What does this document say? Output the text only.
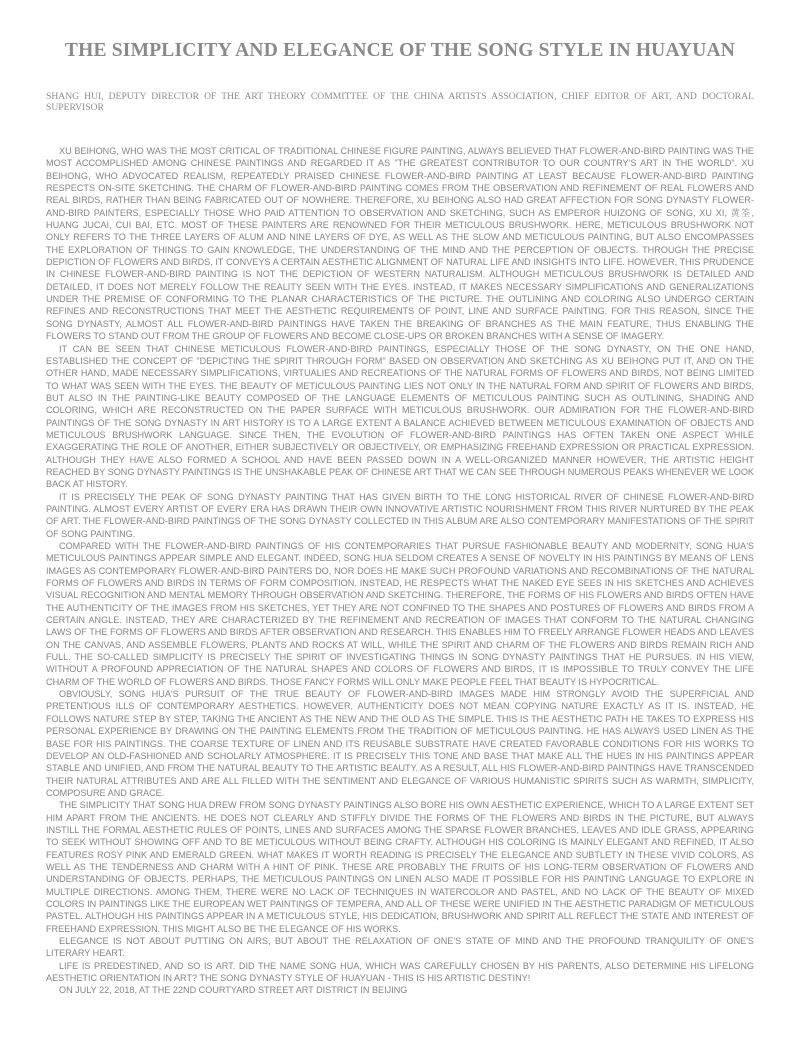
THE SIMPLICITY AND ELEGANCE OF THE SONG STYLE IN HUAYUAN
SHANG HUI, DEPUTY DIRECTOR OF THE ART THEORY COMMITTEE OF THE CHINA ARTISTS ASSOCIATION, CHIEF EDITOR OF ART, AND DOCTORAL SUPERVISOR

XU BEIHONG, WHO WAS THE MOST CRITICAL OF TRADITIONAL CHINESE FIGURE PAINTING, ALWAYS BELIEVED THAT FLOWER-AND-BIRD PAINTING WAS THE MOST ACCOMPLISHED AMONG CHINESE PAINTINGS AND REGARDED IT AS "THE GREATEST CONTRIBUTOR TO OUR COUNTRY'S ART IN THE WORLD". XU BEIHONG, WHO ADVOCATED REALISM, REPEATEDLY PRAISED CHINESE FLOWER-AND-BIRD PAINTING AT LEAST BECAUSE FLOWER-AND-BIRD PAINTING RESPECTS ON-SITE SKETCHING. THE CHARM OF FLOWER-AND-BIRD PAINTING COMES FROM THE OBSERVATION AND REFINEMENT OF REAL FLOWERS AND REAL BIRDS, RATHER THAN BEING FABRICATED OUT OF NOWHERE. THEREFORE, XU BEIHONG ALSO HAD GREAT AFFECTION FOR SONG DYNASTY FLOWER-AND-BIRD PAINTERS, ESPECIALLY THOSE WHO PAID ATTENTION TO OBSERVATION AND SKETCHING, SUCH AS EMPEROR HUIZONG OF SONG, XU XI, 黄筌, HUANG JUCAI, CUI BAI, ETC. MOST OF THESE PAINTERS ARE RENOWNED FOR THEIR METICULOUS BRUSHWORK. HERE, METICULOUS BRUSHWORK NOT ONLY REFERS TO THE THREE LAYERS OF ALUM AND NINE LAYERS OF DYE, AS WELL AS THE SLOW AND METICULOUS PAINTING, BUT ALSO ENCOMPASSES THE EXPLORATION OF THINGS TO GAIN KNOWLEDGE, THE UNDERSTANDING OF THE MIND AND THE PERCEPTION OF OBJECTS. THROUGH THE PRECISE DEPICTION OF FLOWERS AND BIRDS, IT CONVEYS A CERTAIN AESTHETIC ALIGNMENT OF NATURAL LIFE AND INSIGHTS INTO LIFE. HOWEVER, THIS PRUDENCE IN CHINESE FLOWER-AND-BIRD PAINTING IS NOT THE DEPICTION OF WESTERN NATURALISM. ALTHOUGH METICULOUS BRUSHWORK IS DETAILED AND DETAILED, IT DOES NOT MERELY FOLLOW THE REALITY SEEN WITH THE EYES. INSTEAD, IT MAKES NECESSARY SIMPLIFICATIONS AND GENERALIZATIONS UNDER THE PREMISE OF CONFORMING TO THE PLANAR CHARACTERISTICS OF THE PICTURE. THE OUTLINING AND COLORING ALSO UNDERGO CERTAIN REFINES AND RECONSTRUCTIONS THAT MEET THE AESTHETIC REQUIREMENTS OF POINT, LINE AND SURFACE PAINTING. FOR THIS REASON, SINCE THE SONG DYNASTY, ALMOST ALL FLOWER-AND-BIRD PAINTINGS HAVE TAKEN THE BREAKING OF BRANCHES AS THE MAIN FEATURE, THUS ENABLING THE FLOWERS TO STAND OUT FROM THE GROUP OF FLOWERS AND BECOME CLOSE-UPS OR BROKEN BRANCHES WITH A SENSE OF IMAGERY.

IT CAN BE SEEN THAT CHINESE METICULOUS FLOWER-AND-BIRD PAINTINGS, ESPECIALLY THOSE OF THE SONG DYNASTY, ON THE ONE HAND, ESTABLISHED THE CONCEPT OF "DEPICTING THE SPIRIT THROUGH FORM" BASED ON OBSERVATION AND SKETCHING AS XU BEIHONG PUT IT, AND ON THE OTHER HAND, MADE NECESSARY SIMPLIFICATIONS, VIRTUALIES AND RECREATIONS OF THE NATURAL FORMS OF FLOWERS AND BIRDS, NOT BEING LIMITED TO WHAT WAS SEEN WITH THE EYES. THE BEAUTY OF METICULOUS PAINTING LIES NOT ONLY IN THE NATURAL FORM AND SPIRIT OF FLOWERS AND BIRDS, BUT ALSO IN THE PAINTING-LIKE BEAUTY COMPOSED OF THE LANGUAGE ELEMENTS OF METICULOUS PAINTING SUCH AS OUTLINING, SHADING AND COLORING, WHICH ARE RECONSTRUCTED ON THE PAPER SURFACE WITH METICULOUS BRUSHWORK. OUR ADMIRATION FOR THE FLOWER-AND-BIRD PAINTINGS OF THE SONG DYNASTY IN ART HISTORY IS TO A LARGE EXTENT A BALANCE ACHIEVED BETWEEN METICULOUS EXAMINATION OF OBJECTS AND METICULOUS BRUSHWORK LANGUAGE. SINCE THEN, THE EVOLUTION OF FLOWER-AND-BIRD PAINTINGS HAS OFTEN TAKEN ONE ASPECT WHILE EXAGGERATING THE ROLE OF ANOTHER, EITHER SUBJECTIVELY OR OBJECTIVELY, OR EMPHASIZING FREEHAND EXPRESSION OR PRACTICAL EXPRESSION. ALTHOUGH THEY HAVE ALSO FORMED A SCHOOL AND HAVE BEEN PASSED DOWN IN A WELL-ORGANIZED MANNER HOWEVER, THE ARTISTIC HEIGHT REACHED BY SONG DYNASTY PAINTINGS IS THE UNSHAKABLE PEAK OF CHINESE ART THAT WE CAN SEE THROUGH NUMEROUS PEAKS WHENEVER WE LOOK BACK AT HISTORY.

IT IS PRECISELY THE PEAK OF SONG DYNASTY PAINTING THAT HAS GIVEN BIRTH TO THE LONG HISTORICAL RIVER OF CHINESE FLOWER-AND-BIRD PAINTING. ALMOST EVERY ARTIST OF EVERY ERA HAS DRAWN THEIR OWN INNOVATIVE ARTISTIC NOURISHMENT FROM THIS RIVER NURTURED BY THE PEAK OF ART. THE FLOWER-AND-BIRD PAINTINGS OF THE SONG DYNASTY COLLECTED IN THIS ALBUM ARE ALSO CONTEMPORARY MANIFESTATIONS OF THE SPIRIT OF SONG PAINTING.

COMPARED WITH THE FLOWER-AND-BIRD PAINTINGS OF HIS CONTEMPORARIES THAT PURSUE FASHIONABLE BEAUTY AND MODERNITY, SONG HUA'S METICULOUS PAINTINGS APPEAR SIMPLE AND ELEGANT. INDEED, SONG HUA SELDOM CREATES A SENSE OF NOVELTY IN HIS PAINTINGS BY MEANS OF LENS IMAGES AS CONTEMPORARY FLOWER-AND-BIRD PAINTERS DO, NOR DOES HE MAKE SUCH PROFOUND VARIATIONS AND RECOMBINATIONS OF THE NATURAL FORMS OF FLOWERS AND BIRDS IN TERMS OF FORM COMPOSITION. INSTEAD, HE RESPECTS WHAT THE NAKED EYE SEES IN HIS SKETCHES AND ACHIEVES VISUAL RECOGNITION AND MENTAL MEMORY THROUGH OBSERVATION AND SKETCHING. THEREFORE, THE FORMS OF HIS FLOWERS AND BIRDS OFTEN HAVE THE AUTHENTICITY OF THE IMAGES FROM HIS SKETCHES, YET THEY ARE NOT CONFINED TO THE SHAPES AND POSTURES OF FLOWERS AND BIRDS FROM A CERTAIN ANGLE. INSTEAD, THEY ARE CHARACTERIZED BY THE REFINEMENT AND RECREATION OF IMAGES THAT CONFORM TO THE NATURAL CHANGING LAWS OF THE FORMS OF FLOWERS AND BIRDS AFTER OBSERVATION AND RESEARCH. THIS ENABLES HIM TO FREELY ARRANGE FLOWER HEADS AND LEAVES ON THE CANVAS, AND ASSEMBLE FLOWERS, PLANTS AND ROCKS AT WILL, WHILE THE SPIRIT AND CHARM OF THE FLOWERS AND BIRDS REMAIN RICH AND FULL. THE SO-CALLED SIMPLICITY IS PRECISELY THE SPIRIT OF INVESTIGATING THINGS IN SONG DYNASTY PAINTINGS THAT HE PURSUES. IN HIS VIEW, WITHOUT A PROFOUND APPRECIATION OF THE NATURAL SHAPES AND COLORS OF FLOWERS AND BIRDS, IT IS IMPOSSIBLE TO TRULY CONVEY THE LIFE CHARM OF THE WORLD OF FLOWERS AND BIRDS. THOSE FANCY FORMS WILL ONLY MAKE PEOPLE FEEL THAT BEAUTY IS HYPOCRITICAL.

OBVIOUSLY, SONG HUA'S PURSUIT OF THE TRUE BEAUTY OF FLOWER-AND-BIRD IMAGES MADE HIM STRONGLY AVOID THE SUPERFICIAL AND PRETENTIOUS ILLS OF CONTEMPORARY AESTHETICS. HOWEVER, AUTHENTICITY DOES NOT MEAN COPYING NATURE EXACTLY AS IT IS. INSTEAD, HE FOLLOWS NATURE STEP BY STEP, TAKING THE ANCIENT AS THE NEW AND THE OLD AS THE SIMPLE. THIS IS THE AESTHETIC PATH HE TAKES TO EXPRESS HIS PERSONAL EXPERIENCE BY DRAWING ON THE PAINTING ELEMENTS FROM THE TRADITION OF METICULOUS PAINTING. HE HAS ALWAYS USED LINEN AS THE BASE FOR HIS PAINTINGS. THE COARSE TEXTURE OF LINEN AND ITS REUSABLE SUBSTRATE HAVE CREATED FAVORABLE CONDITIONS FOR HIS WORKS TO DEVELOP AN OLD-FASHIONED AND SCHOLARLY ATMOSPHERE. IT IS PRECISELY THIS TONE AND BASE THAT MAKE ALL THE HUES IN HIS PAINTINGS APPEAR STABLE AND UNIFIED, AND FROM THE NATURAL BEAUTY TO THE ARTISTIC BEAUTY. AS A RESULT, ALL HIS FLOWER-AND-BIRD PAINTINGS HAVE TRANSCENDED THEIR NATURAL ATTRIBUTES AND ARE ALL FILLED WITH THE SENTIMENT AND ELEGANCE OF VARIOUS HUMANISTIC SPIRITS SUCH AS WARMTH, SIMPLICITY, COMPOSURE AND GRACE.

THE SIMPLICITY THAT SONG HUA DREW FROM SONG DYNASTY PAINTINGS ALSO BORE HIS OWN AESTHETIC EXPERIENCE, WHICH TO A LARGE EXTENT SET HIM APART FROM THE ANCIENTS. HE DOES NOT CLEARLY AND STIFFLY DIVIDE THE FORMS OF THE FLOWERS AND BIRDS IN THE PICTURE, BUT ALWAYS INSTILL THE FORMAL AESTHETIC RULES OF POINTS, LINES AND SURFACES AMONG THE SPARSE FLOWER BRANCHES, LEAVES AND IDLE GRASS, APPEARING TO SEEK WITHOUT SHOWING OFF AND TO BE METICULOUS WITHOUT BEING CRAFTY. ALTHOUGH HIS COLORING IS MAINLY ELEGANT AND REFINED, IT ALSO FEATURES ROSY PINK AND EMERALD GREEN. WHAT MAKES IT WORTH READING IS PRECISELY THE ELEGANCE AND SUBTLETY IN THESE VIVID COLORS, AS WELL AS THE TENDERNESS AND CHARM WITH A HINT OF PINK. THESE ARE PROBABLY THE FRUITS OF HIS LONG-TERM OBSERVATION OF FLOWERS AND UNDERSTANDING OF OBJECTS. PERHAPS, THE METICULOUS PAINTINGS ON LINEN ALSO MADE IT POSSIBLE FOR HIS PAINTING LANGUAGE TO EXPLORE IN MULTIPLE DIRECTIONS. AMONG THEM, THERE WERE NO LACK OF TECHNIQUES IN WATERCOLOR AND PASTEL, AND NO LACK OF THE BEAUTY OF MIXED COLORS IN PAINTINGS LIKE THE EUROPEAN WET PAINTINGS OF TEMPERA, AND ALL OF THESE WERE UNIFIED IN THE AESTHETIC PARADIGM OF METICULOUS PASTEL. ALTHOUGH HIS PAINTINGS APPEAR IN A METICULOUS STYLE, HIS DEDICATION, BRUSHWORK AND SPIRIT ALL REFLECT THE STATE AND INTEREST OF FREEHAND EXPRESSION. THIS MIGHT ALSO BE THE ELEGANCE OF HIS WORKS.

ELEGANCE IS NOT ABOUT PUTTING ON AIRS, BUT ABOUT THE RELAXATION OF ONE'S STATE OF MIND AND THE PROFOUND TRANQUILITY OF ONE'S LITERARY HEART.

LIFE IS PREDESTINED, AND SO IS ART. DID THE NAME SONG HUA, WHICH WAS CAREFULLY CHOSEN BY HIS PARENTS, ALSO DETERMINE HIS LIFELONG AESTHETIC ORIENTATION IN ART? THE SONG DYNASTY STYLE OF HUAYUAN - THIS IS HIS ARTISTIC DESTINY!

ON JULY 22, 2018, AT THE 22ND COURTYARD STREET ART DISTRICT IN BEIJING
